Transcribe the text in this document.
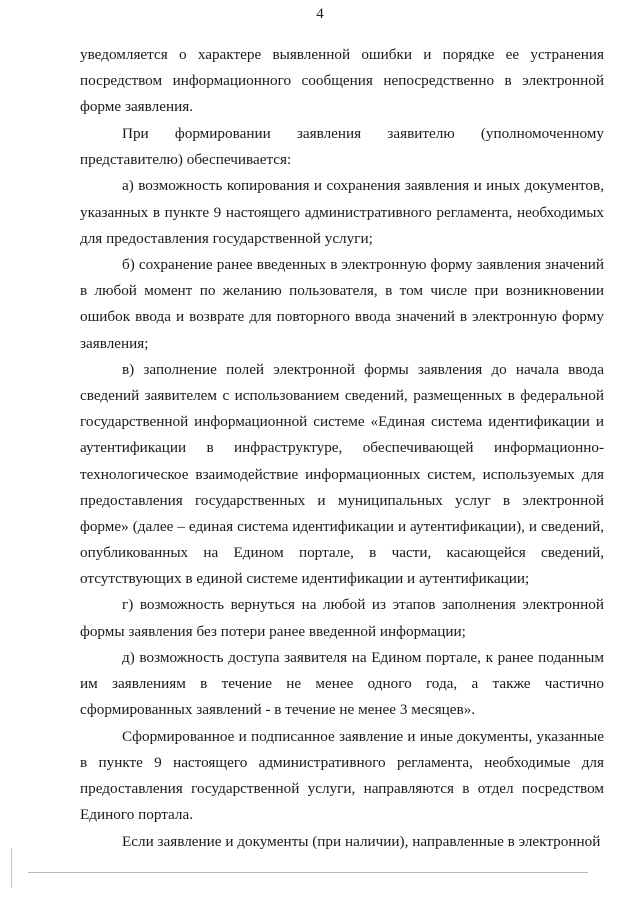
4

уведомляется о характере выявленной ошибки и порядке ее устранения посредством информационного сообщения непосредственно в электронной форме заявления.

При формировании заявления заявителю (уполномоченному представителю) обеспечивается:

а) возможность копирования и сохранения заявления и иных документов, указанных в пункте 9 настоящего административного регламента, необходимых для предоставления государственной услуги;

б) сохранение ранее введенных в электронную форму заявления значений в любой момент по желанию пользователя, в том числе при возникновении ошибок ввода и возврате для повторного ввода значений в электронную форму заявления;

в) заполнение полей электронной формы заявления до начала ввода сведений заявителем с использованием сведений, размещенных в федеральной государственной информационной системе «Единая система идентификации и аутентификации в инфраструктуре, обеспечивающей информационно-технологическое взаимодействие информационных систем, используемых для предоставления государственных и муниципальных услуг в электронной форме» (далее – единая система идентификации и аутентификации), и сведений, опубликованных на Едином портале, в части, касающейся сведений, отсутствующих в единой системе идентификации и аутентификации;

г) возможность вернуться на любой из этапов заполнения электронной формы заявления без потери ранее введенной информации;

д) возможность доступа заявителя на Едином портале, к ранее поданным им заявлениям в течение не менее одного года, а также частично сформированных заявлений - в течение не менее 3 месяцев».

Сформированное и подписанное заявление и иные документы, указанные в пункте 9 настоящего административного регламента, необходимые для предоставления государственной услуги, направляются в отдел посредством Единого портала.

Если заявление и документы (при наличии), направленные в электронной
